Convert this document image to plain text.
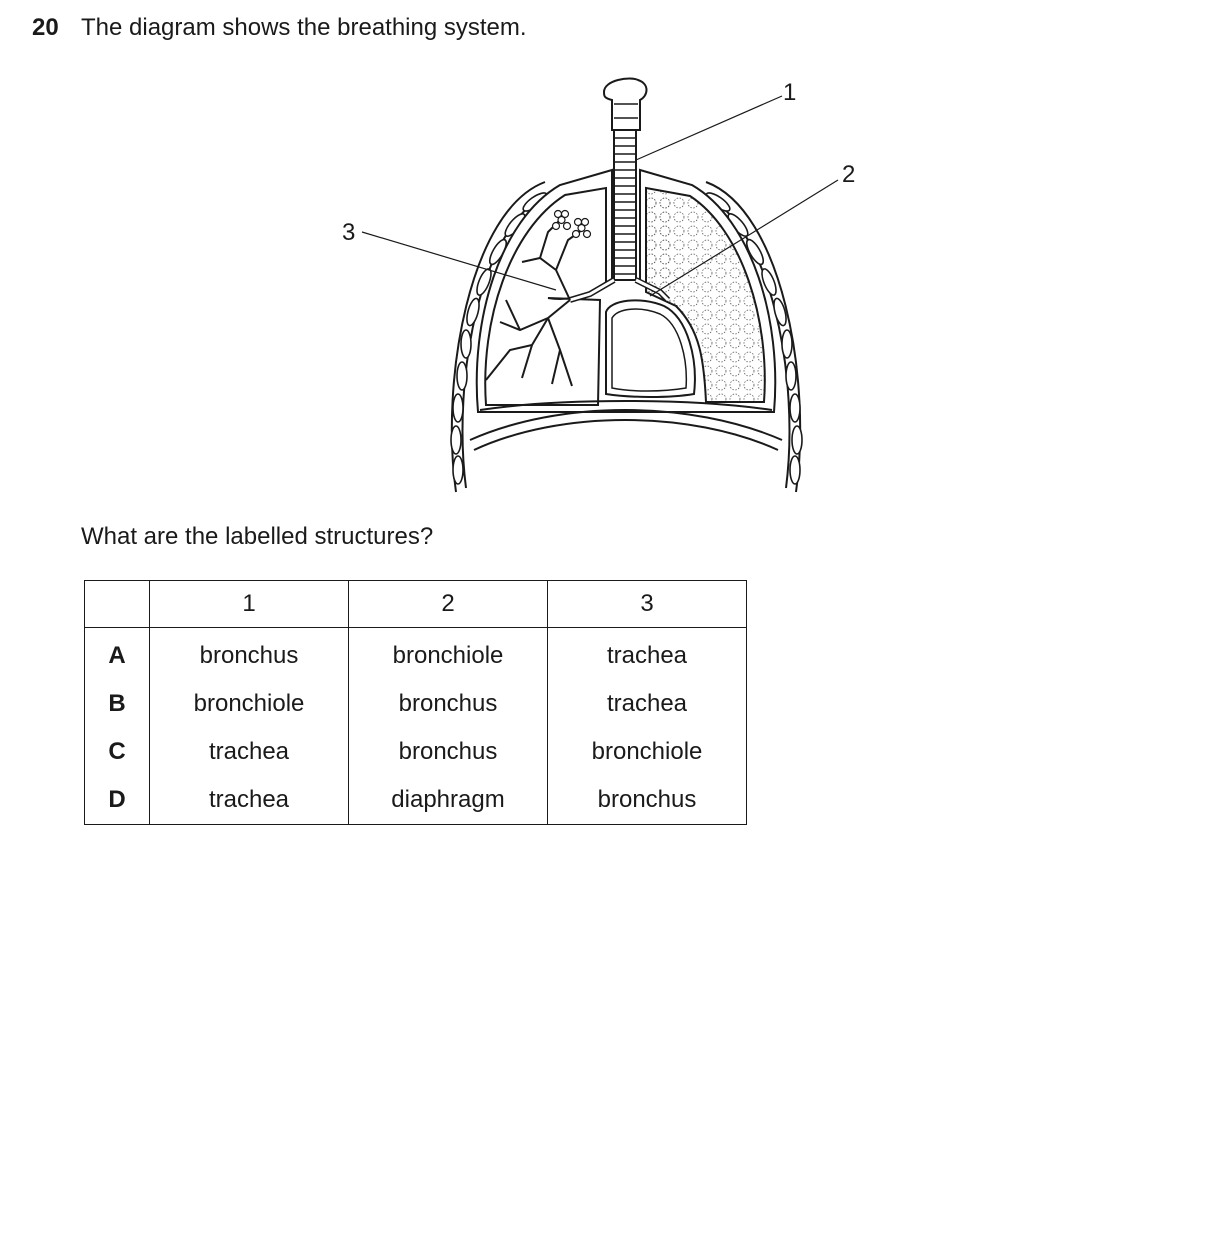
20 The diagram shows the breathing system.
1
2
3
What are the labelled structures?
	1	2	3
A	bronchus	bronchiole	trachea
B	bronchiole	bronchus	trachea
C	trachea	bronchus	bronchiole
D	trachea	diaphragm	bronchus
